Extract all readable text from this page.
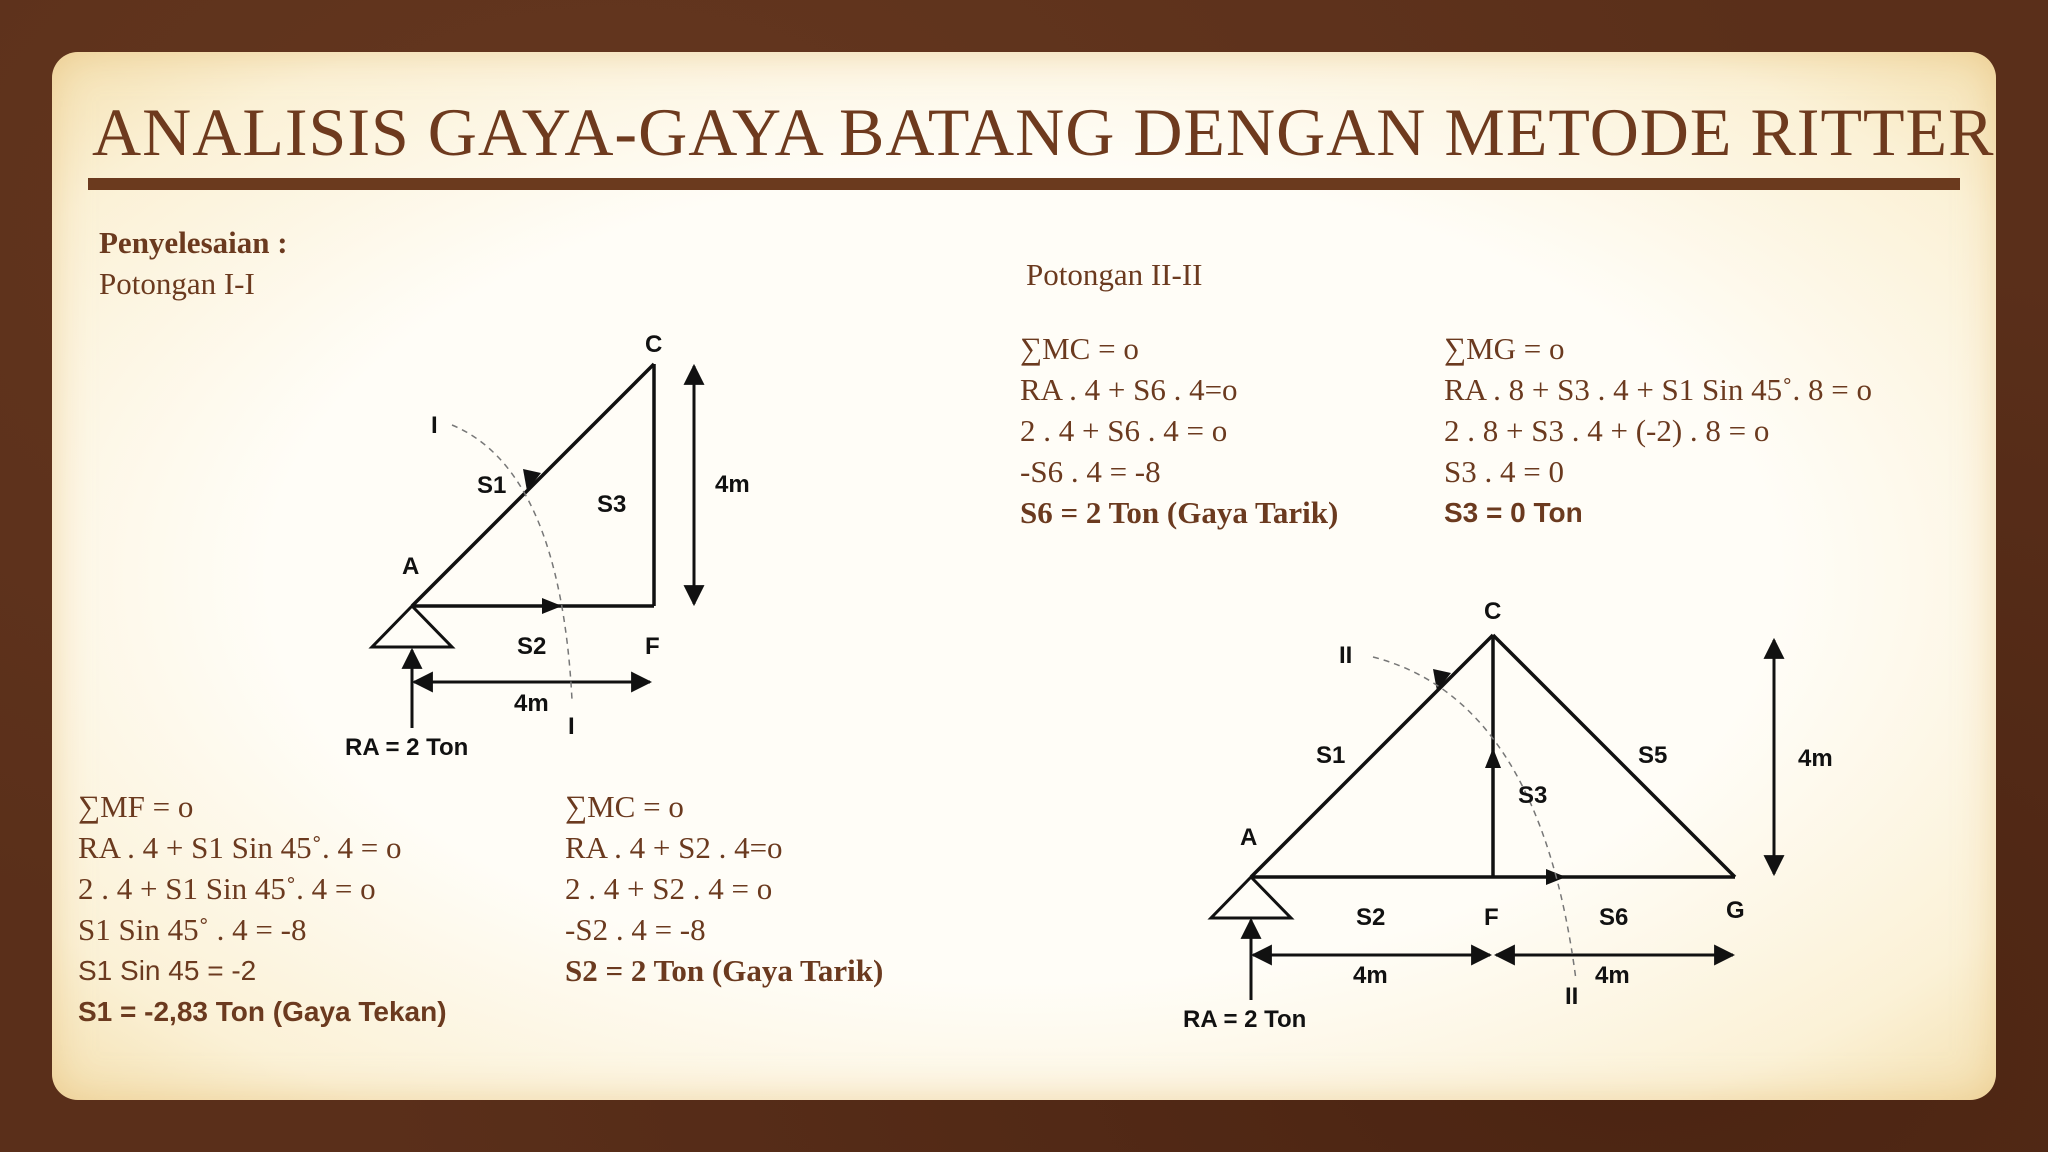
ANALISIS GAYA-GAYA BATANG DENGAN METODE RITTER
Penyelesaian :
Potongan I-I	Potongan II-II
∑MF = o
RA . 4 + S1 Sin 45˚. 4 = o
2 . 4 + S1 Sin 45˚. 4 = o
S1 Sin 45˚ . 4 = -8
S1 Sin 45 = -2
S1 = -2,83 Ton (Gaya Tekan)
∑MC = o
RA . 4 + S2 . 4=o
2 . 4 + S2 . 4 = o
-S2 . 4 = -8
S2 = 2 Ton (Gaya Tarik)
∑MC = o
RA . 4 + S6 . 4=o
2 . 4 + S6 . 4 = o
-S6 . 4 = -8
S6 = 2 Ton (Gaya Tarik)
∑MG = o
RA . 8 + S3 . 4 + S1 Sin 45˚. 8 = o
2 . 8 + S3 . 4 + (-2) . 8 = o
S3 . 4 = 0
S3 = 0 Ton
C
A
F
S1
S3
S2
4m
4m
I
I
RA = 2 Ton
C
A
F	G
S1	S5
S3
S2	S6
4m
4m	4m
II
II
RA = 2 Ton
